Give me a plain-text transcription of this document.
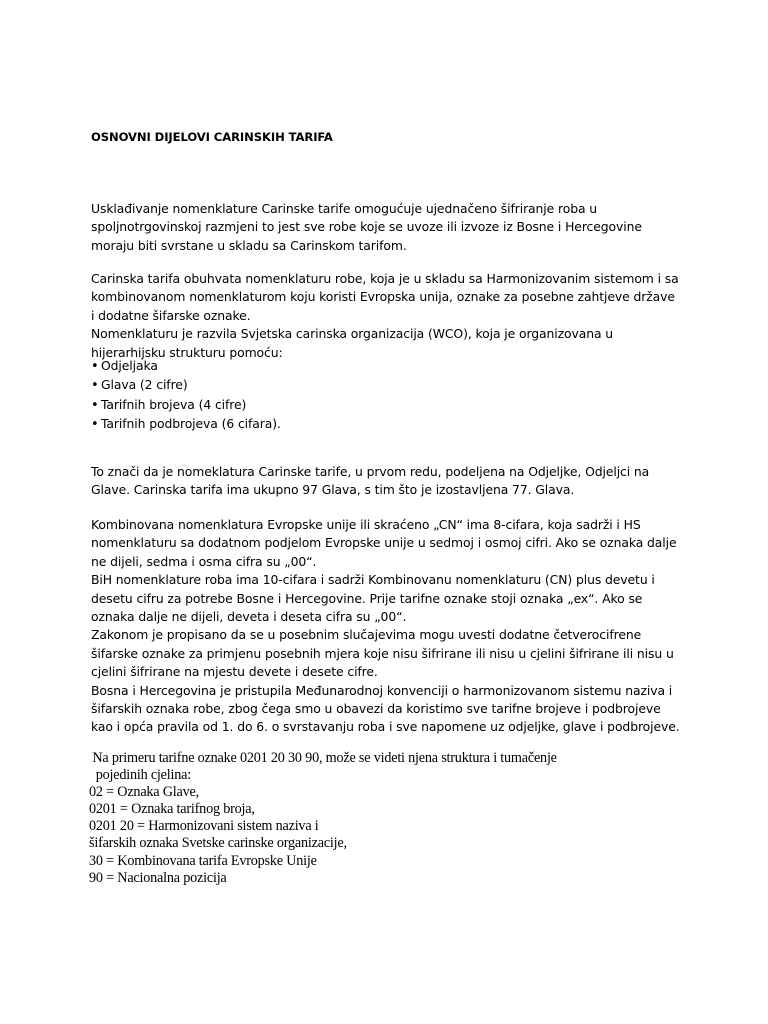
OSNOVNI DIJELOVI CARINSKIH TARIFA
Usklađivanje nomenklature Carinske tarife omogućuje ujednačeno šifriranje roba u
spoljnotrgovinskoj razmjeni to jest sve robe koje se uvoze ili izvoze iz Bosne i Hercegovine
moraju biti svrstane u skladu sa Carinskom tarifom.
Carinska tarifa obuhvata nomenklaturu robe, koja je u skladu sa Harmonizovanim sistemom i sa
kombinovanom nomenklaturom koju koristi Evropska unija, oznake za posebne zahtjeve države
i dodatne šifarske oznake.
Nomenklaturu je razvila Svjetska carinska organizacija (WCO), koja je organizovana u
hijerarhijsku strukturu pomoću:
• Odjeljaka
• Glava (2 cifre)
• Tarifnih brojeva (4 cifre)
• Tarifnih podbrojeva (6 cifara).
To znači da je nomeklatura Carinske tarife, u prvom redu, podeljena na Odjeljke, Odjeljci na
Glave. Carinska tarifa ima ukupno 97 Glava, s tim što je izostavljena 77. Glava.
Kombinovana nomenklatura Evropske unije ili skraćeno „CN“ ima 8-cifara, koja sadrži i HS
nomenklaturu sa dodatnom podjelom Evropske unije u sedmoj i osmoj cifri. Ako se oznaka dalje
ne dijeli, sedma i osma cifra su „00“.
BiH nomenklature roba ima 10-cifara i sadrži Kombinovanu nomenklaturu (CN) plus devetu i
desetu cifru za potrebe Bosne i Hercegovine. Prije tarifne oznake stoji oznaka „ex“. Ako se
oznaka dalje ne dijeli, deveta i deseta cifra su „00“.
Zakonom je propisano da se u posebnim slučajevima mogu uvesti dodatne četverocifrene
šifarske oznake za primjenu posebnih mjera koje nisu šifrirane ili nisu u cjelini šifrirane ili nisu u
cjelini šifrirane na mjestu devete i desete cifre.
Bosna i Hercegovina je pristupila Međunarodnoj konvenciji o harmonizovanom sistemu naziva i
šifarskih oznaka robe, zbog čega smo u obavezi da koristimo sve tarifne brojeve i podbrojeve
kao i opća pravila od 1. do 6. o svrstavanju roba i sve napomene uz odjeljke, glave i podbrojeve.
Na primeru tarifne oznake 0201 20 30 90, može se videti njena struktura i tumačenje
pojedinih cjelina:
02 = Oznaka Glave,
0201 = Oznaka tarifnog broja,
0201 20 = Harmonizovani sistem naziva i
šifarskih oznaka Svetske carinske organizacije,
30 = Kombinovana tarifa Evropske Unije
90 = Nacionalna pozicija
